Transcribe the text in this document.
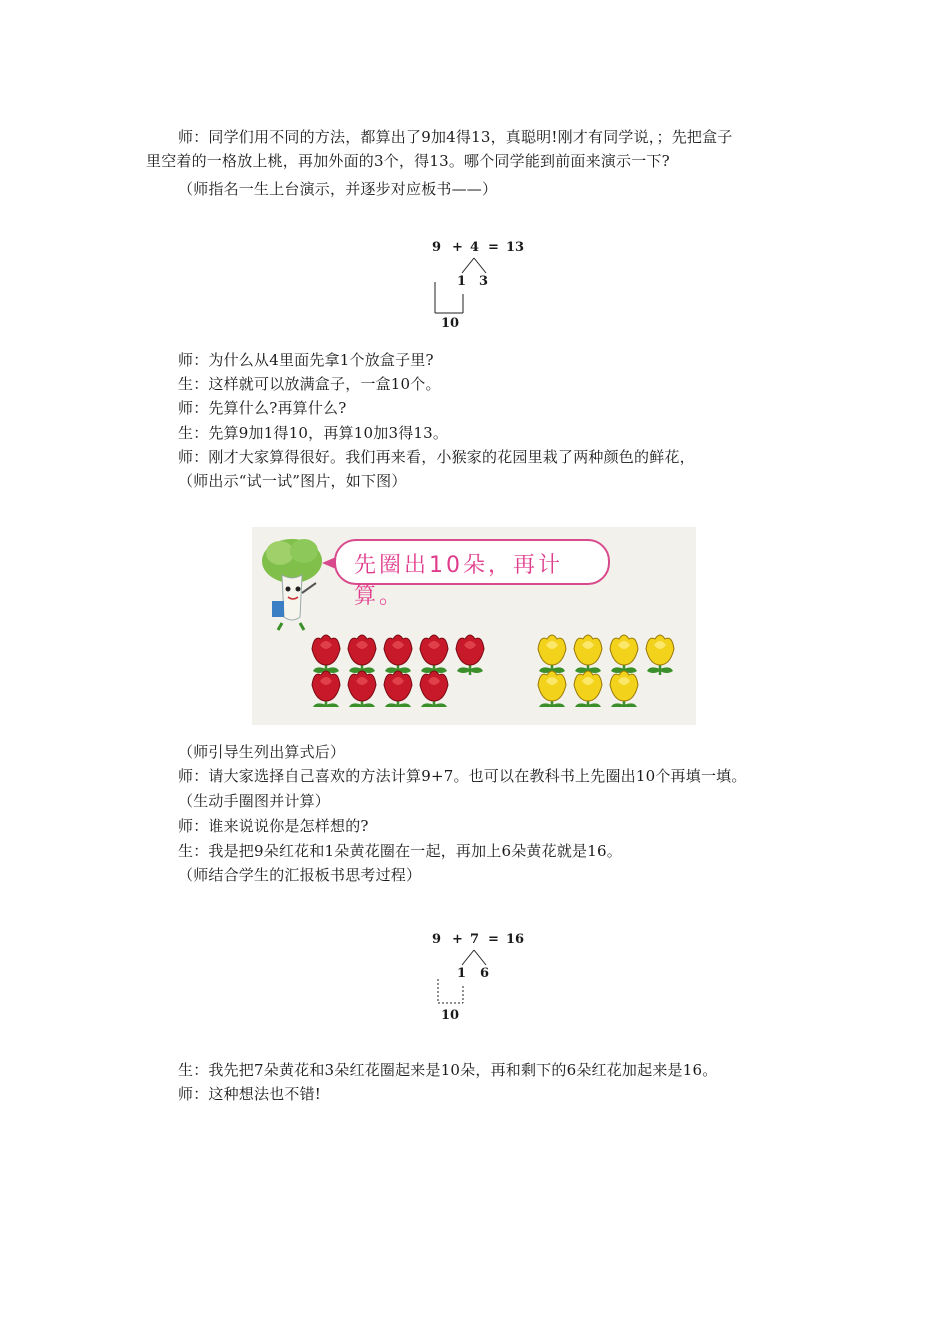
师：同学们用不同的方法，都算出了9加4得13，真聪明!刚才有同学说，；先把盒子
里空着的一格放上桃，再加外面的3个，得13。哪个同学能到前面来演示一下?
（师指名一生上台演示，并逐步对应板书——）
9 + 4 = 13
1 3
10
师：为什么从4里面先拿1个放盒子里?
生：这样就可以放满盒子，一盒10个。
师：先算什么?再算什么?
生：先算9加1得10，再算10加3得13。
师：刚才大家算得很好。我们再来看，小猴家的花园里栽了两种颜色的鲜花，
（师出示“试一试”图片，如下图）
先圈出10朵，再计算。
（师引导生列出算式后）
师：请大家选择自己喜欢的方法计算9+7。也可以在教科书上先圈出10个再填一填。
（生动手圈图并计算）
师：谁来说说你是怎样想的?
生：我是把9朵红花和1朵黄花圈在一起，再加上6朵黄花就是16。
（师结合学生的汇报板书思考过程）
9 + 7 = 16
1 6
10
生：我先把7朵黄花和3朵红花圈起来是10朵，再和剩下的6朵红花加起来是16。
师：这种想法也不错!
